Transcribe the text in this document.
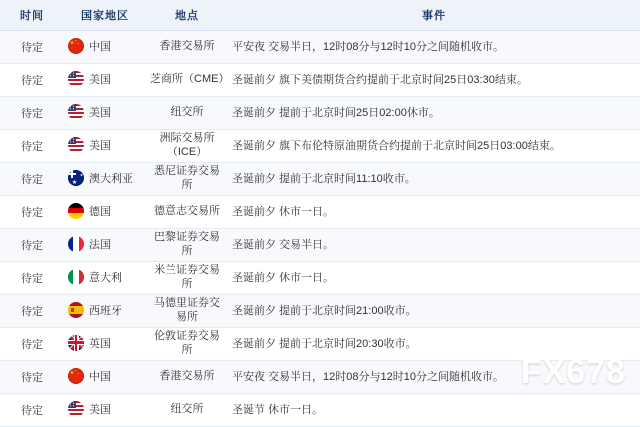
时间	国家地区	地点	事件
待定	中国	香港交易所	平安夜 交易半日，12时08分与12时10分之间随机收市。
待定	美国	芝商所（CME）	圣诞前夕 旗下美债期货合约提前于北京时间25日03:30结束。
待定	美国	纽交所	圣诞前夕 提前于北京时间25日02:00休市。
待定	美国	洲际交易所（ICE）	圣诞前夕 旗下布伦特原油期货合约提前于北京时间25日03:00结束。
待定	澳大利亚	悉尼证券交易所	圣诞前夕 提前于北京时间11:10收市。
待定	德国	德意志交易所	圣诞前夕 休市一日。
待定	法国	巴黎证券交易所	圣诞前夕 交易半日。
待定	意大利	米兰证券交易所	圣诞前夕 休市一日。
待定	西班牙	马德里证券交易所	圣诞前夕 提前于北京时间21:00收市。
待定	英国	伦敦证券交易所	圣诞前夕 提前于北京时间20:30收市。
待定	中国	香港交易所	平安夜 交易半日，12时08分与12时10分之间随机收市。
待定	美国	纽交所	圣诞节 休市一日。
FX678
